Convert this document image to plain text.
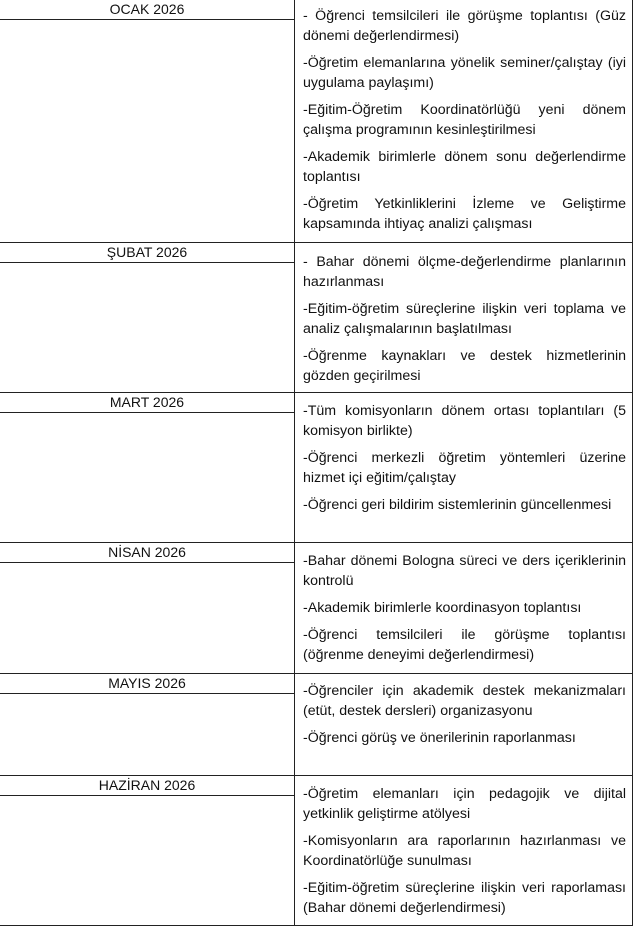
OCAK 2026	- Öğrenci temsilcileri ile görüşme toplantısı (Güz dönemi değerlendirmesi)

-Öğretim elemanlarına yönelik seminer/çalıştay (iyi uygulama paylaşımı)

-Eğitim-Öğretim Koordinatörlüğü yeni dönem çalışma programının kesinleştirilmesi

-Akademik birimlerle dönem sonu değerlendirme toplantısı

-Öğretim Yetkinliklerini İzleme ve Geliştirme kapsamında ihtiyaç analizi çalışması

ŞUBAT 2026

- Bahar dönemi ölçme-değerlendirme planlarının hazırlanması

-Eğitim-öğretim süreçlerine ilişkin veri toplama ve analiz çalışmalarının başlatılması

-Öğrenme kaynakları ve destek hizmetlerinin gözden geçirilmesi

MART 2026

-Tüm komisyonların dönem ortası toplantıları (5 komisyon birlikte)

-Öğrenci merkezli öğretim yöntemleri üzerine hizmet içi eğitim/çalıştay

-Öğrenci geri bildirim sistemlerinin güncellenmesi

NİSAN 2026

-Bahar dönemi Bologna süreci ve ders içeriklerinin kontrolü

-Akademik birimlerle koordinasyon toplantısı

-Öğrenci temsilcileri ile görüşme toplantısı (öğrenme deneyimi değerlendirmesi)

MAYIS 2026	-Öğrenciler için akademik destek mekanizmaları (etüt, destek dersleri) organizasyonu

-Öğrenci görüş ve önerilerinin raporlanması

HAZİRAN 2026

-Öğretim elemanları için pedagojik ve dijital yetkinlik geliştirme atölyesi

-Komisyonların ara raporlarının hazırlanması ve Koordinatörlüğe sunulması

-Eğitim-öğretim süreçlerine ilişkin veri raporlaması (Bahar dönemi değerlendirmesi)
